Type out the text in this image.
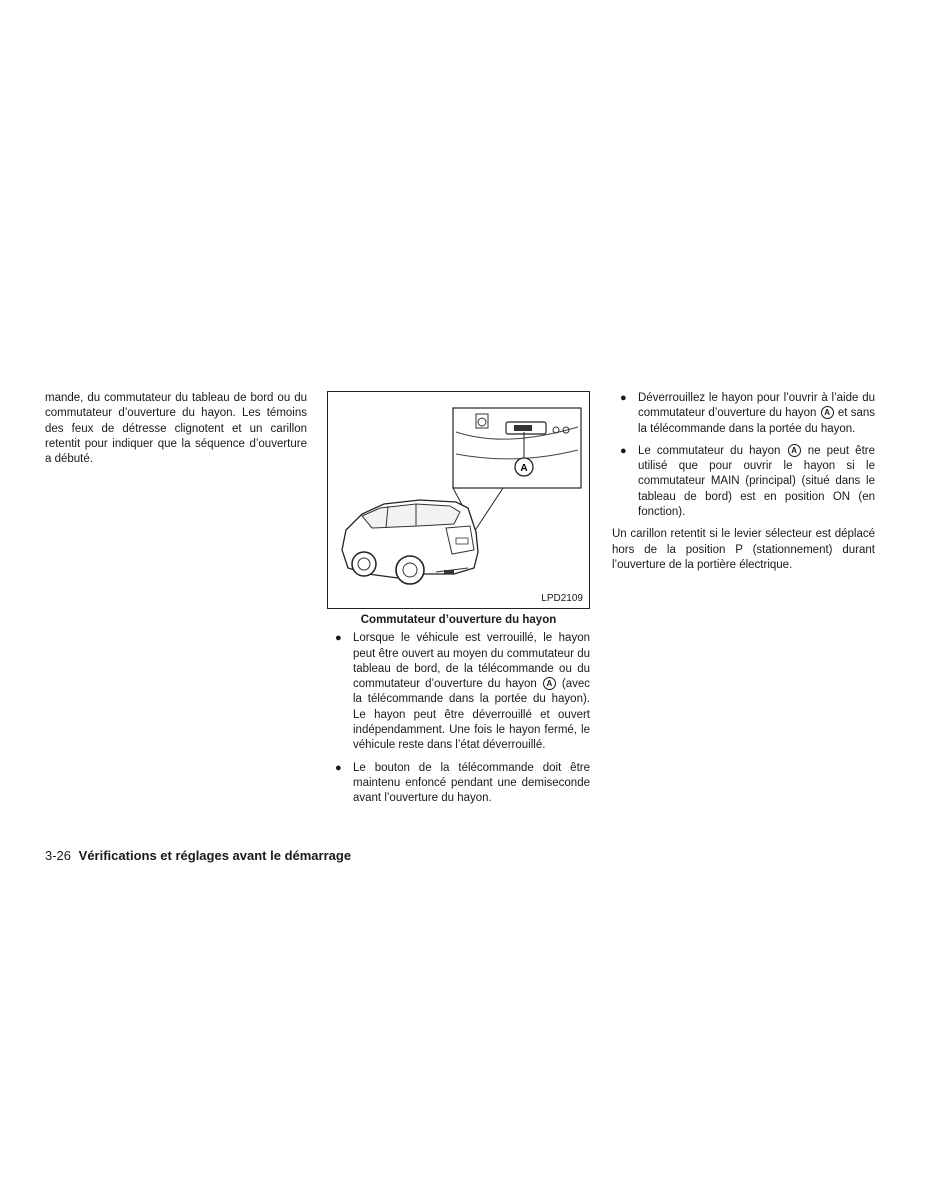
mande, du commutateur du tableau de bord ou du commutateur d’ouverture du hayon. Les témoins des feux de détresse clignotent et un carillon retentit pour indiquer que la séquence d’ouverture a débuté.

A
LPD2109

Commutateur d’ouverture du hayon

● Lorsque le véhicule est verrouillé, le hayon peut être ouvert au moyen du commutateur du tableau de bord, de la télécommande ou du commutateur d’ouverture du hayon A (avec la télécommande dans la portée du hayon). Le hayon peut être déverrouillé et ouvert indépendamment. Une fois le hayon fermé, le véhicule reste dans l’état déverrouillé.
● Le bouton de la télécommande doit être maintenu enfoncé pendant une demiseconde avant l’ouverture du hayon.
● Déverrouillez le hayon pour l’ouvrir à l’aide du commutateur d’ouverture du hayon A et sans la télécommande dans la portée du hayon.
● Le commutateur du hayon A ne peut être utilisé que pour ouvrir le hayon si le commutateur MAIN (principal) (situé dans le tableau de bord) est en position ON (en fonction).

Un carillon retentit si le levier sélecteur est déplacé hors de la position P (stationnement) durant l’ouverture de la portière électrique.

3-26 Vérifications et réglages avant le démarrage
